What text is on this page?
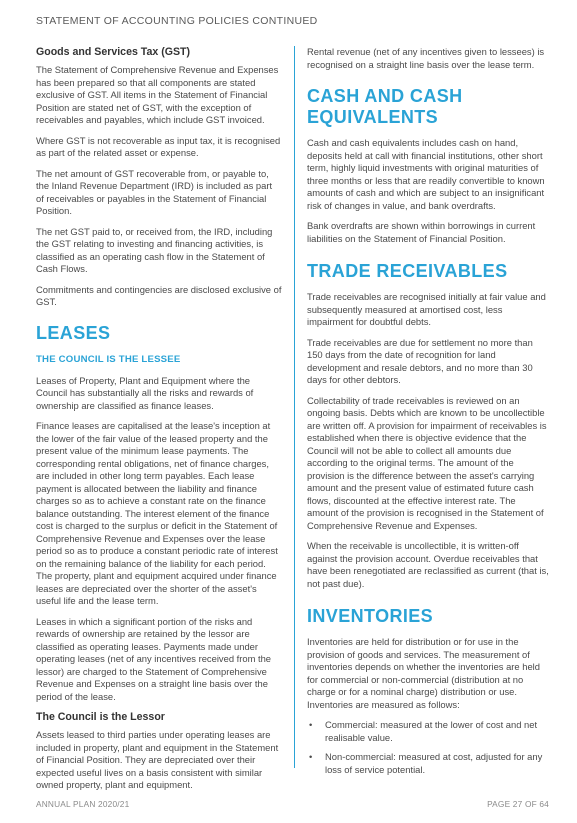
STATEMENT OF ACCOUNTING POLICIES CONTINUED
Goods and Services Tax (GST)

The Statement of Comprehensive Revenue and Expenses has been prepared so that all components are stated exclusive of GST. All items in the Statement of Financial Position are stated net of GST, with the exception of receivables and payables, which include GST invoiced.

Where GST is not recoverable as input tax, it is recognised as part of the related asset or expense.

The net amount of GST recoverable from, or payable to, the Inland Revenue Department (IRD) is included as part of receivables or payables in the Statement of Financial Position.

The net GST paid to, or received from, the IRD, including the GST relating to investing and financing activities, is classified as an operating cash flow in the Statement of Cash Flows.

Commitments and contingencies are disclosed exclusive of GST.

LEASES
THE COUNCIL IS THE LESSEE

Leases of Property, Plant and Equipment where the Council has substantially all the risks and rewards of ownership are classified as finance leases.

Finance leases are capitalised at the lease's inception at the lower of the fair value of the leased property and the present value of the minimum lease payments. The corresponding rental obligations, net of finance charges, are included in other long term payables. Each lease payment is allocated between the liability and finance charges so as to achieve a constant rate on the finance balance outstanding. The interest element of the finance cost is charged to the surplus or deficit in the Statement of Comprehensive Revenue and Expenses over the lease period so as to produce a constant periodic rate of interest on the remaining balance of the liability for each period. The property, plant and equipment acquired under finance leases are depreciated over the shorter of the asset's useful life and the lease term.

Leases in which a significant portion of the risks and rewards of ownership are retained by the lessor are classified as operating leases. Payments made under operating leases (net of any incentives received from the lessor) are charged to the Statement of Comprehensive Revenue and Expenses on a straight line basis over the period of the lease.

The Council is the Lessor

Assets leased to third parties under operating leases are included in property, plant and equipment in the Statement of Financial Position. They are depreciated over their expected useful lives on a basis consistent with similar owned property, plant and equipment.

Rental revenue (net of any incentives given to lessees) is recognised on a straight line basis over the lease term.

CASH AND CASH
EQUIVALENTS

Cash and cash equivalents includes cash on hand, deposits held at call with financial institutions, other short term, highly liquid investments with original maturities of three months or less that are readily convertible to known amounts of cash and which are subject to an insignificant risk of changes in value, and bank overdrafts.

Bank overdrafts are shown within borrowings in current liabilities on the Statement of Financial Position.

TRADE RECEIVABLES

Trade receivables are recognised initially at fair value and subsequently measured at amortised cost, less impairment for doubtful debts.

Trade receivables are due for settlement no more than 150 days from the date of recognition for land development and resale debtors, and no more than 30 days for other debtors.

Collectability of trade receivables is reviewed on an ongoing basis. Debts which are known to be uncollectible are written off. A provision for impairment of receivables is established when there is objective evidence that the Council will not be able to collect all amounts due according to the original terms. The amount of the provision is the difference between the asset's carrying amount and the present value of estimated future cash flows, discounted at the effective interest rate. The amount of the provision is recognised in the Statement of Comprehensive Revenue and Expenses.

When the receivable is uncollectible, it is written-off against the provision account. Overdue receivables that have been renegotiated are reclassified as current (that is, not past due).

INVENTORIES

Inventories are held for distribution or for use in the provision of goods and services. The measurement of inventories depends on whether the inventories are held for commercial or non-commercial (distribution at no charge or for a nominal charge) distribution or use. Inventories are measured as follows:

• Commercial: measured at the lower of cost and net realisable value.
• Non-commercial: measured at cost, adjusted for any loss of service potential.
ANNUAL PLAN 2020/21	PAGE 27 OF 64
